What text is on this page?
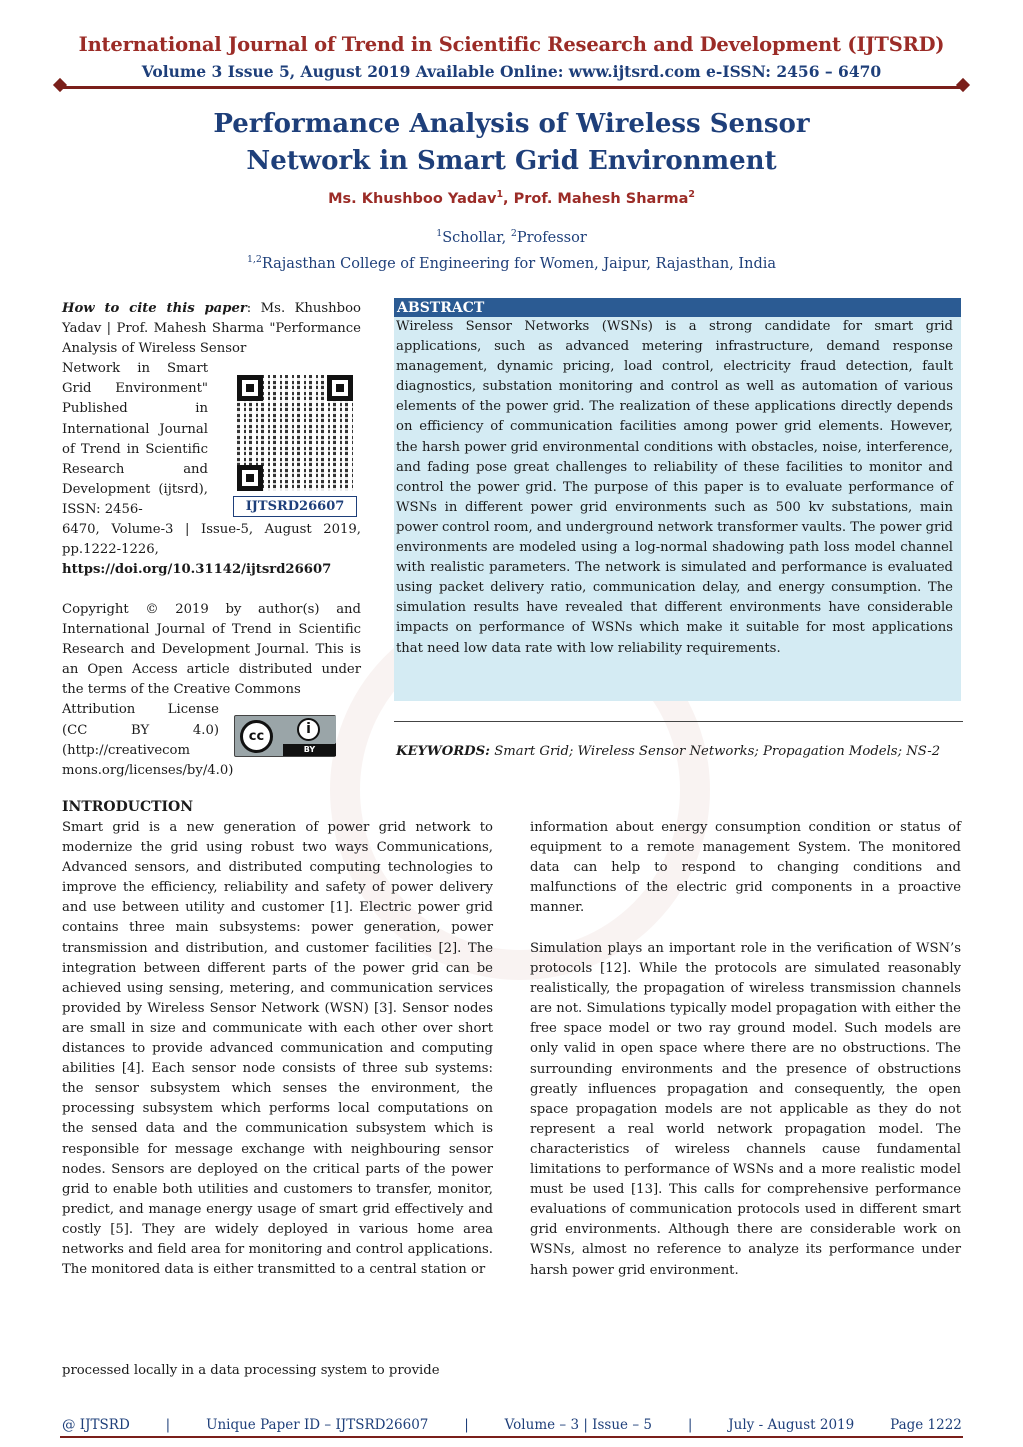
International Journal of Trend in Scientific Research and Development (IJTSRD)
Volume 3 Issue 5, August 2019 Available Online: www.ijtsrd.com e-ISSN: 2456 – 6470
Performance Analysis of Wireless Sensor
Network in Smart Grid Environment
Ms. Khushboo Yadav$^1$, Prof. Mahesh Sharma$^2$
$^1$Schollar, $^2$Professor
$^{1,2}$Rajasthan College of Engineering for Women, Jaipur, Rajasthan, India
How to cite this paper: Ms. Khushboo Yadav | Prof. Mahesh Sharma "Performance Analysis of Wireless Sensor
Network in Smart Grid Environment" Published in International Journal of Trend in Scientific Research and Development (ijtsrd), ISSN: 2456-
6470, Volume-3 | Issue-5, August 2019, pp.1222-1226,
https://doi.org/10.31142/ijtsrd26607
IJTSRD26607
Copyright © 2019 by author(s) and International Journal of Trend in Scientific Research and Development Journal. This is an Open Access article distributed under the terms of the Creative Commons
Attribution License (CC BY 4.0) (http://creativecom
mons.org/licenses/by/4.0)
cc	i
BY
ABSTRACT
Wireless Sensor Networks (WSNs) is a strong candidate for smart grid applications, such as advanced metering infrastructure, demand response management, dynamic pricing, load control, electricity fraud detection, fault diagnostics, substation monitoring and control as well as automation of various elements of the power grid. The realization of these applications directly depends on efficiency of communication facilities among power grid elements. However, the harsh power grid environmental conditions with obstacles, noise, interference, and fading pose great challenges to reliability of these facilities to monitor and control the power grid. The purpose of this paper is to evaluate performance of WSNs in different power grid environments such as 500 kv substations, main power control room, and underground network transformer vaults. The power grid environments are modeled using a log-normal shadowing path loss model channel with realistic parameters. The network is simulated and performance is evaluated using packet delivery ratio, communication delay, and energy consumption. The simulation results have revealed that different environments have considerable impacts on performance of WSNs which make it suitable for most applications that need low data rate with low reliability requirements.
KEYWORDS: Smart Grid; Wireless Sensor Networks; Propagation Models; NS-2
INTRODUCTION
Smart grid is a new generation of power grid network to modernize the grid using robust two ways Communications, Advanced sensors, and distributed computing technologies to improve the efficiency, reliability and safety of power delivery and use between utility and customer [1]. Electric power grid contains three main subsystems: power generation, power transmission and distribution, and customer facilities [2]. The integration between different parts of the power grid can be achieved using sensing, metering, and communication services provided by Wireless Sensor Network (WSN) [3]. Sensor nodes are small in size and communicate with each other over short distances to provide advanced communication and computing abilities [4]. Each sensor node consists of three sub systems: the sensor subsystem which senses the environment, the processing subsystem which performs local computations on the sensed data and the communication subsystem which is responsible for message exchange with neighbouring sensor nodes. Sensors are deployed on the critical parts of the power grid to enable both utilities and customers to transfer, monitor, predict, and manage energy usage of smart grid effectively and costly [5]. They are widely deployed in various home area networks and field area for monitoring and control applications. The monitored data is either transmitted to a central station or
processed locally in a data processing system to provide
information about energy consumption condition or status of equipment to a remote management System. The monitored data can help to respond to changing conditions and malfunctions of the electric grid components in a proactive manner.
Simulation plays an important role in the verification of WSN’s protocols [12]. While the protocols are simulated reasonably realistically, the propagation of wireless transmission channels are not. Simulations typically model propagation with either the free space model or two ray ground model. Such models are only valid in open space where there are no obstructions. The surrounding environments and the presence of obstructions greatly influences propagation and consequently, the open space propagation models are not applicable as they do not represent a real world network propagation model. The characteristics of wireless channels cause fundamental limitations to performance of WSNs and a more realistic model must be used [13]. This calls for comprehensive performance evaluations of communication protocols used in different smart grid environments. Although there are considerable work on WSNs, almost no reference to analyze its performance under harsh power grid environment.
@ IJTSRD	|	Unique Paper ID – IJTSRD26607	|	Volume – 3 | Issue – 5	|	July - August 2019	Page 1222
